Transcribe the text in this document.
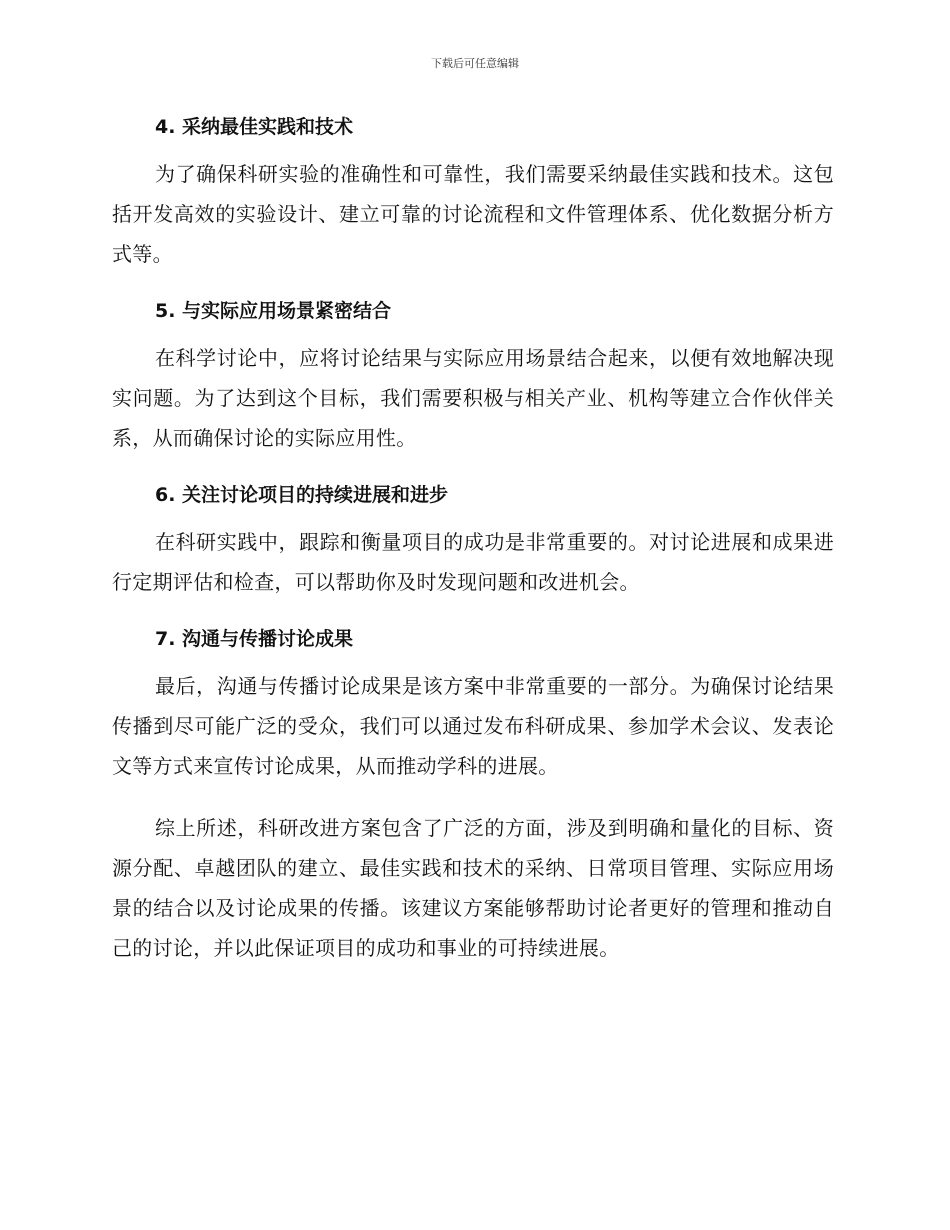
下载后可任意编辑
4. 采纳最佳实践和技术

为了确保科研实验的准确性和可靠性，我们需要采纳最佳实践和技术。这包括开发高效的实验设计、建立可靠的讨论流程和文件管理体系、优化数据分析方式等。

5. 与实际应用场景紧密结合

在科学讨论中，应将讨论结果与实际应用场景结合起来，以便有效地解决现实问题。为了达到这个目标，我们需要积极与相关产业、机构等建立合作伙伴关系，从而确保讨论的实际应用性。

6. 关注讨论项目的持续进展和进步

在科研实践中，跟踪和衡量项目的成功是非常重要的。对讨论进展和成果进行定期评估和检查，可以帮助你及时发现问题和改进机会。

7. 沟通与传播讨论成果

最后，沟通与传播讨论成果是该方案中非常重要的一部分。为确保讨论结果传播到尽可能广泛的受众，我们可以通过发布科研成果、参加学术会议、发表论文等方式来宣传讨论成果，从而推动学科的进展。

综上所述，科研改进方案包含了广泛的方面，涉及到明确和量化的目标、资源分配、卓越团队的建立、最佳实践和技术的采纳、日常项目管理、实际应用场景的结合以及讨论成果的传播。该建议方案能够帮助讨论者更好的管理和推动自己的讨论，并以此保证项目的成功和事业的可持续进展。
